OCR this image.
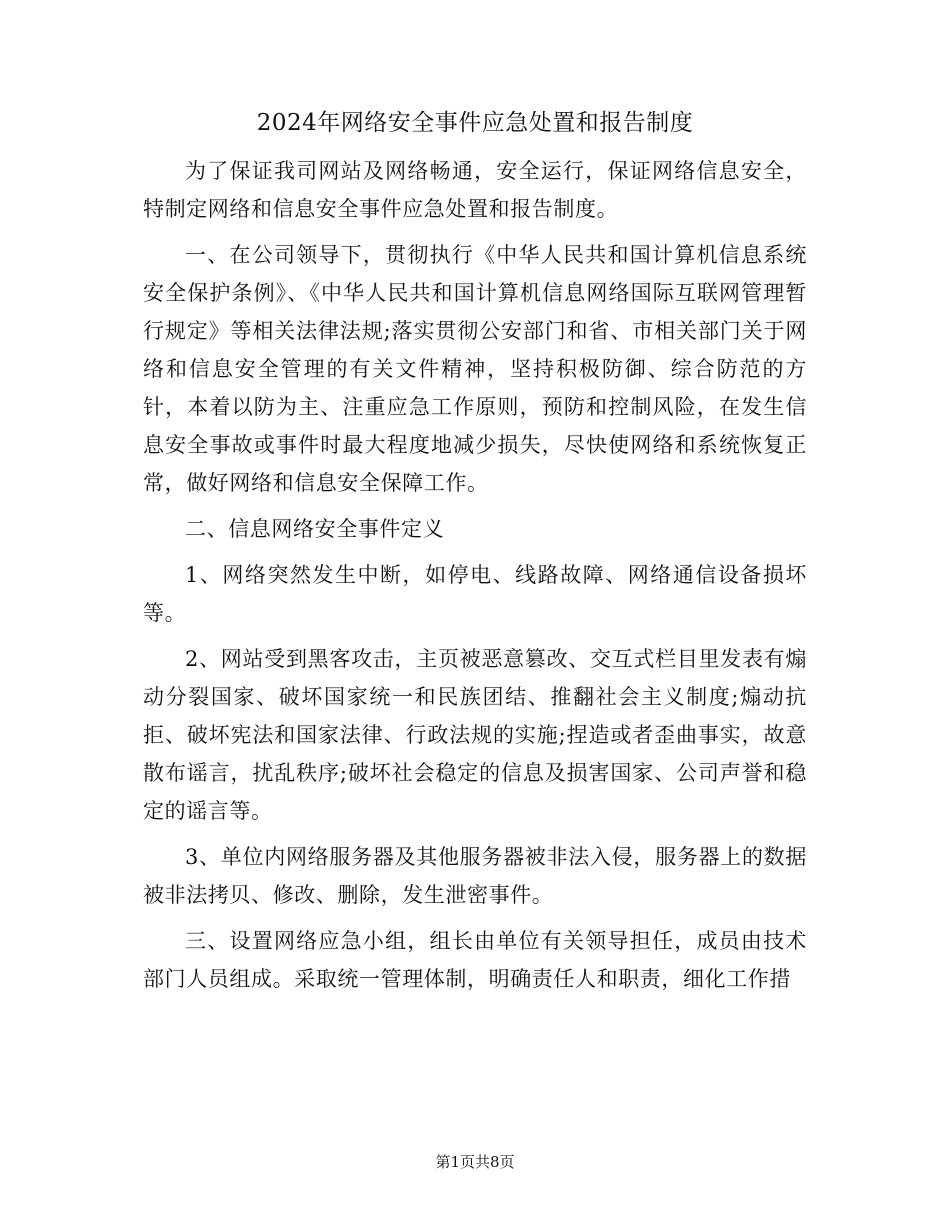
2024年网络安全事件应急处置和报告制度

为了保证我司网站及网络畅通，安全运行，保证网络信息安全，特制定网络和信息安全事件应急处置和报告制度。

一、在公司领导下，贯彻执行《中华人民共和国计算机信息系统安全保护条例》、《中华人民共和国计算机信息网络国际互联网管理暂行规定》等相关法律法规;落实贯彻公安部门和省、市相关部门关于网络和信息安全管理的有关文件精神，坚持积极防御、综合防范的方针，本着以防为主、注重应急工作原则，预防和控制风险，在发生信息安全事故或事件时最大程度地减少损失，尽快使网络和系统恢复正常，做好网络和信息安全保障工作。

二、信息网络安全事件定义

1、网络突然发生中断，如停电、线路故障、网络通信设备损坏等。

2、网站受到黑客攻击，主页被恶意篡改、交互式栏目里发表有煽动分裂国家、破坏国家统一和民族团结、推翻社会主义制度;煽动抗拒、破坏宪法和国家法律、行政法规的实施;捏造或者歪曲事实，故意散布谣言，扰乱秩序;破坏社会稳定的信息及损害国家、公司声誉和稳定的谣言等。

3、单位内网络服务器及其他服务器被非法入侵，服务器上的数据被非法拷贝、修改、删除，发生泄密事件。

三、设置网络应急小组，组长由单位有关领导担任，成员由技术部门人员组成。采取统一管理体制，明确责任人和职责，细化工作措

第1页共8页
